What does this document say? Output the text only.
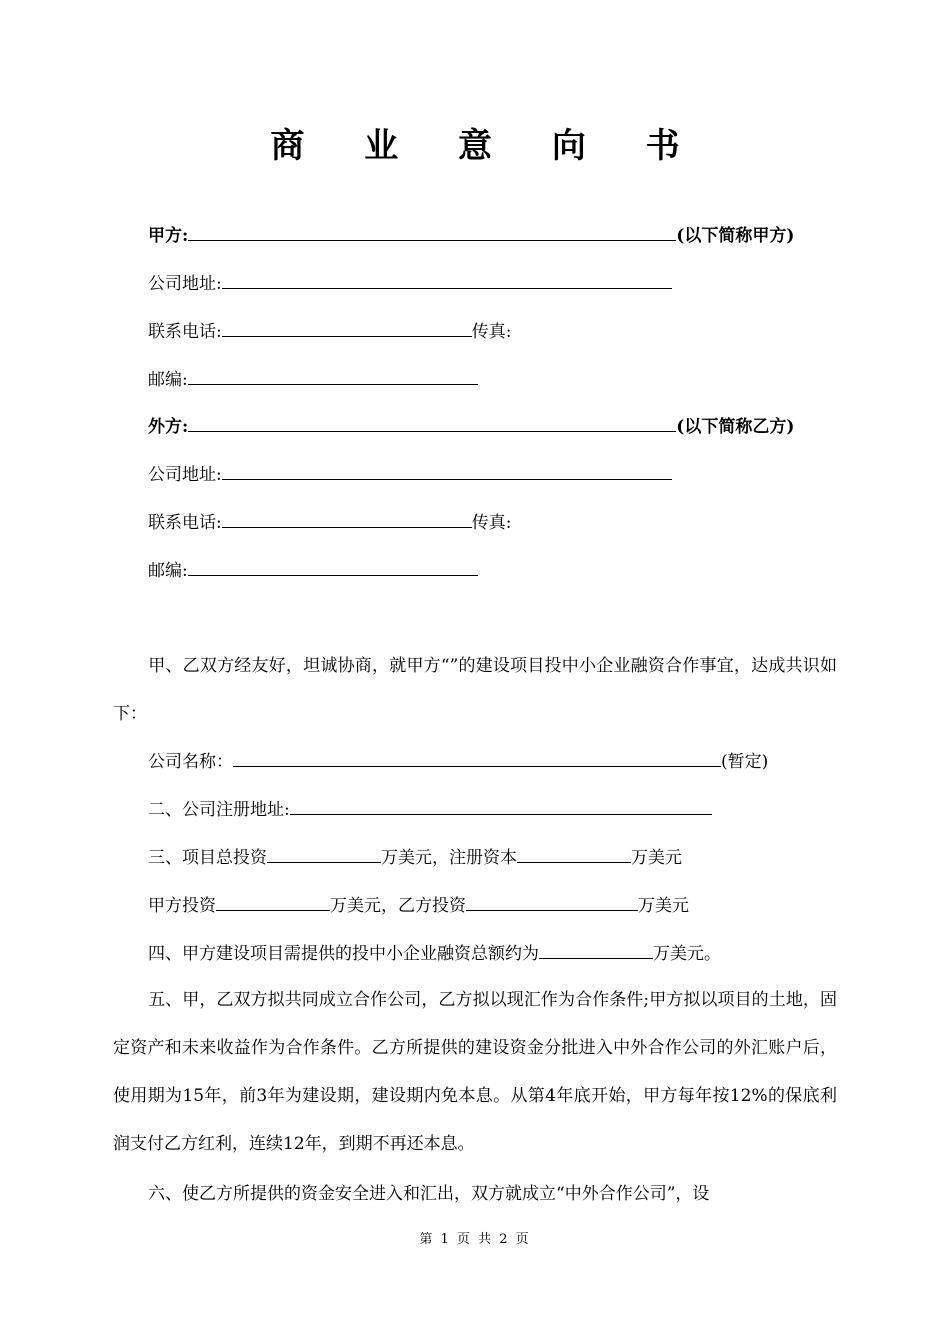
商 业 意 向 书
甲方:	(以下简称甲方)
公司地址:
联系电话:	传真:
邮编:
外方:	(以下简称乙方)
公司地址:
联系电话:	传真:
邮编:
甲、乙双方经友好，坦诚协商，就甲方“”的建设项目投中小企业融资合作事宜，达成共识如下：
公司名称：	(暂定)
二、公司注册地址:
三、项目总投资	万美元，注册资本	万美元
甲方投资	万美元，乙方投资	万美元
四、甲方建设项目需提供的投中小企业融资总额约为	万美元。
五、甲，乙双方拟共同成立合作公司，乙方拟以现汇作为合作条件;甲方拟以项目的土地，固定资产和未来收益作为合作条件。乙方所提供的建设资金分批进入中外合作公司的外汇账户后，使用期为15年，前3年为建设期，建设期内免本息。从第4年底开始，甲方每年按12%的保底利润支付乙方红利，连续12年，到期不再还本息。
六、使乙方所提供的资金安全进入和汇出，双方就成立“中外合作公司”，设
第 1 页 共 2 页
